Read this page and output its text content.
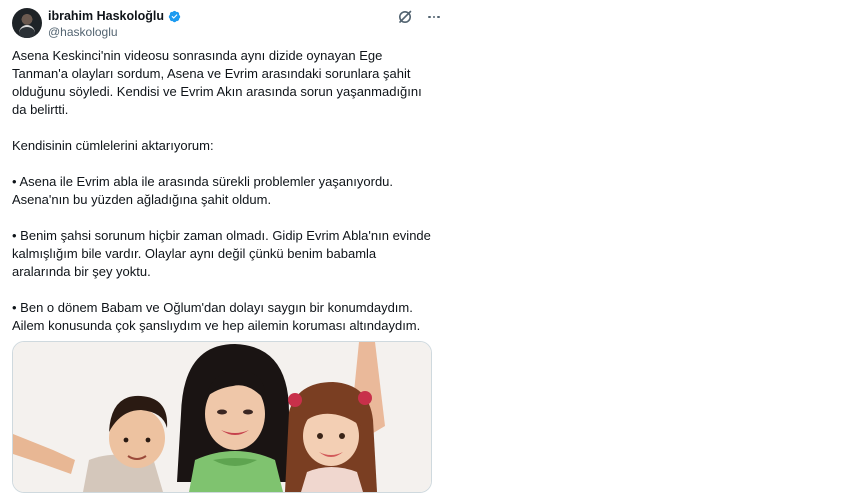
ibrahim Haskoloğlu
@haskologlu

Asena Keskinci'nin videosu sonrasında aynı dizide oynayan Ege
Tanman'a olayları sordum, Asena ve Evrim arasındaki sorunlara şahit
olduğunu söyledi. Kendisi ve Evrim Akın arasında sorun yaşanmadığını
da belirtti.

Kendisinin cümlelerini aktarıyorum:

• Asena ile Evrim abla ile arasında sürekli problemler yaşanıyordu.
Asena'nın bu yüzden ağladığına şahit oldum.

• Benim şahsi sorunum hiçbir zaman olmadı. Gidip Evrim Abla'nın evinde
kalmışlığım bile vardır. Olaylar aynı değil çünkü benim babamla
aralarında bir şey yoktu.

• Ben o dönem Babam ve Oğlum'dan dolayı saygın bir konumdaydım.
Ailem konusunda çok şanslıydım ve hep ailemin koruması altındaydım.
